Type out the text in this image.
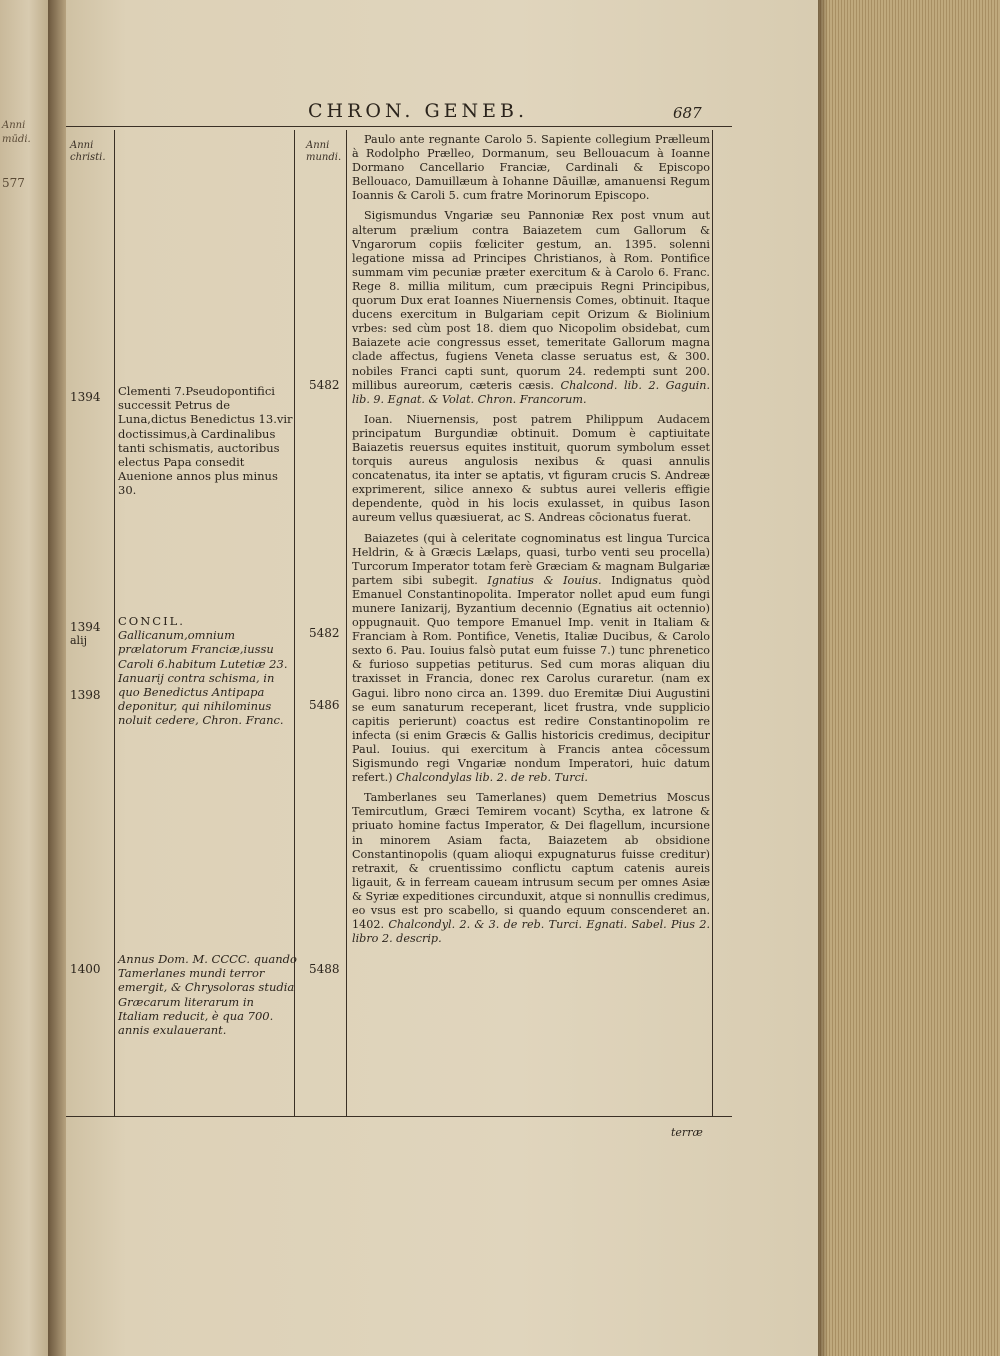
Anni
mūdi.
577
CHRON. GENEB.	687
Anni christi.
Anni mundi.
1394
1394
alij
1398
1400
5482
5482
5486
5488
Clementi 7.Pseudopontifici successit Petrus de Luna,dictus Benedictus 13.vir doctissimus,à Cardinalibus tanti schismatis, auctoribus electus Papa consedit Auenione annos plus minus 30.
CONCIL. Gallicanum,omnium prælatorum Franciæ,iussu Caroli 6.habitum Lutetiæ 23. Ianuarij contra schisma, in quo Benedictus Antipapa deponitur, qui nihilominus noluit cedere, Chron. Franc.
Annus Dom. M. CCCC. quando Tamerlanes mundi terror emergit, & Chrysoloras studia Græcarum literarum in Italiam reducit, è qua 700. annis exulauerant.

Paulo ante regnante Carolo 5. Sapiente collegium Prælleum à Rodolpho Prælleo, Dormanum, seu Bellouacum à Ioanne Dormano Cancellario Franciæ, Cardinali & Episcopo Bellouaco, Damuillæum à Iohanne Dāuillæ, amanuensi Regum Ioannis & Caroli 5. cum fratre Morinorum Episcopo.

Sigismundus Vngariæ seu Pannoniæ Rex post vnum aut alterum prælium contra Baiazetem cum Gallorum & Vngarorum copiis fœliciter gestum, an. 1395. solenni legatione missa ad Principes Christianos, à Rom. Pontifice summam vim pecuniæ præter exercitum & à Carolo 6. Franc. Rege 8. millia militum, cum præcipuis Regni Principibus, quorum Dux erat Ioannes Niuernensis Comes, obtinuit. Itaque ducens exercitum in Bulgariam cepit Orizum & Biolinium vrbes: sed cùm post 18. diem quo Nicopolim obsidebat, cum Baiazete acie congressus esset, temeritate Gallorum magna clade affectus, fugiens Veneta classe seruatus est, & 300. nobiles Franci capti sunt, quorum 24. redempti sunt 200. millibus aureorum, cæteris cæsis. Chalcond. lib. 2. Gaguin. lib. 9. Egnat. & Volat. Chron. Francorum.

Ioan. Niuernensis, post patrem Philippum Audacem principatum Burgundiæ obtinuit. Domum è captiuitate Baiazetis reuersus equites instituit, quorum symbolum esset torquis aureus angulosis nexibus & quasi annulis concatenatus, ita inter se aptatis, vt figuram crucis S. Andreæ exprimerent, silice annexo & subtus aurei velleris effigie dependente, quòd in his locis exulasset, in quibus Iason aureum vellus quæsiuerat, ac S. Andreas cōcionatus fuerat.

Baiazetes (qui à celeritate cognominatus est lingua Turcica Heldrin, & à Græcis Lælaps, quasi, turbo venti seu procella) Turcorum Imperator totam ferè Græciam & magnam Bulgariæ partem sibi subegit. Ignatius & Iouius. Indignatus quòd Emanuel Constantinopolita. Imperator nollet apud eum fungi munere Ianizarij, Byzantium decennio (Egnatius ait octennio) oppugnauit. Quo tempore Emanuel Imp. venit in Italiam & Franciam à Rom. Pontifice, Venetis, Italiæ Ducibus, & Carolo sexto 6. Pau. Iouius falsò putat eum fuisse 7.) tunc phrenetico & furioso suppetias petiturus. Sed cum moras aliquan diu traxisset in Francia, donec rex Carolus curaretur. (nam ex Gagui. libro nono circa an. 1399. duo Eremitæ Diui Augustini se eum sanaturum receperant, licet frustra, vnde supplicio capitis perierunt) coactus est redire Constantinopolim re infecta (si enim Græcis & Gallis historicis credimus, decipitur Paul. Iouius. qui exercitum à Francis antea cōcessum Sigismundo regi Vngariæ nondum Imperatori, huic datum refert.) Chalcondylas lib. 2. de reb. Turci.

Tamberlanes seu Tamerlanes) quem Demetrius Moscus Temircutlum, Græci Temirem vocant) Scytha, ex latrone & priuato homine factus Imperator, & Dei flagellum, incursione in minorem Asiam facta, Baiazetem ab obsidione Constantinopolis (quam alioqui expugnaturus fuisse creditur) retraxit, & cruentissimo conflictu captum catenis aureis ligauit, & in ferream caueam intrusum secum per omnes Asiæ & Syriæ expeditiones circunduxit, atque si nonnullis credimus, eo vsus est pro scabello, si quando equum conscenderet an. 1402. Chalcondyl. 2. & 3. de reb. Turci. Egnati. Sabel. Pius 2. libro 2. descrip.

terræ
